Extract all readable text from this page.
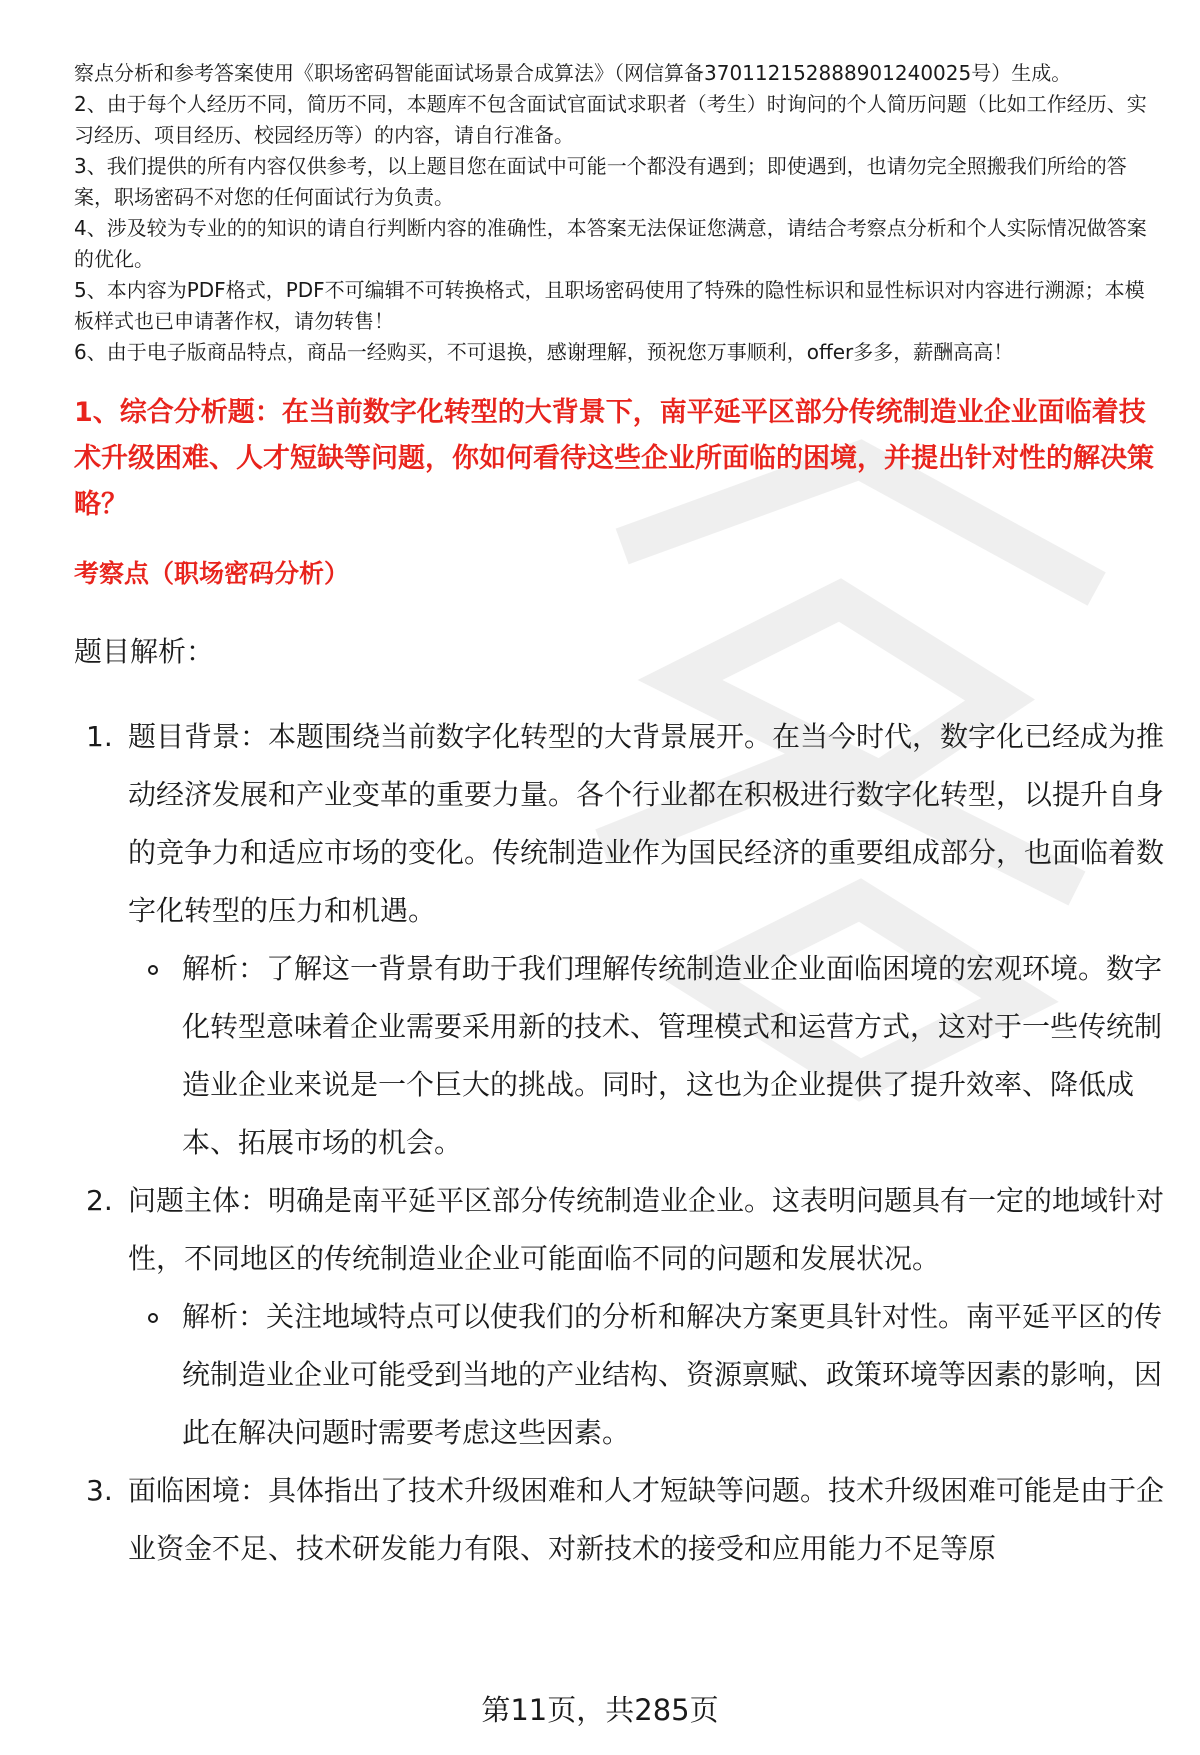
察点分析和参考答案使用《职场密码智能面试场景合成算法》（网信算备370112152888901240025号）生成。

2、由于每个人经历不同，简历不同，本题库不包含面试官面试求职者（考生）时询问的个人简历问题（比如工作经历、实习经历、项目经历、校园经历等）的内容，请自行准备。

3、我们提供的所有内容仅供参考，以上题目您在面试中可能一个都没有遇到；即使遇到，也请勿完全照搬我们所给的答案，职场密码不对您的任何面试行为负责。

4、涉及较为专业的的知识的请自行判断内容的准确性，本答案无法保证您满意，请结合考察点分析和个人实际情况做答案的优化。

5、本内容为PDF格式，PDF不可编辑不可转换格式，且职场密码使用了特殊的隐性标识和显性标识对内容进行溯源；本模板样式也已申请著作权，请勿转售！

6、由于电子版商品特点，商品一经购买，不可退换，感谢理解，预祝您万事顺利，offer多多，薪酬高高！

1、综合分析题：在当前数字化转型的大背景下，南平延平区部分传统制造业企业面临着技术升级困难、人才短缺等问题，你如何看待这些企业所面临的困境，并提出针对性的解决策略？

考察点（职场密码分析）

题目解析：

1. 题目背景：本题围绕当前数字化转型的大背景展开。在当今时代，数字化已经成为推动经济发展和产业变革的重要力量。各个行业都在积极进行数字化转型，以提升自身的竞争力和适应市场的变化。传统制造业作为国民经济的重要组成部分，也面临着数字化转型的压力和机遇。

解析：了解这一背景有助于我们理解传统制造业企业面临困境的宏观环境。数字化转型意味着企业需要采用新的技术、管理模式和运营方式，这对于一些传统制造业企业来说是一个巨大的挑战。同时，这也为企业提供了提升效率、降低成本、拓展市场的机会。

2. 问题主体：明确是南平延平区部分传统制造业企业。这表明问题具有一定的地域针对性，不同地区的传统制造业企业可能面临不同的问题和发展状况。

解析：关注地域特点可以使我们的分析和解决方案更具针对性。南平延平区的传统制造业企业可能受到当地的产业结构、资源禀赋、政策环境等因素的影响，因此在解决问题时需要考虑这些因素。

3. 面临困境：具体指出了技术升级困难和人才短缺等问题。技术升级困难可能是由于企业资金不足、技术研发能力有限、对新技术的接受和应用能力不足等原
第11页，共285页
